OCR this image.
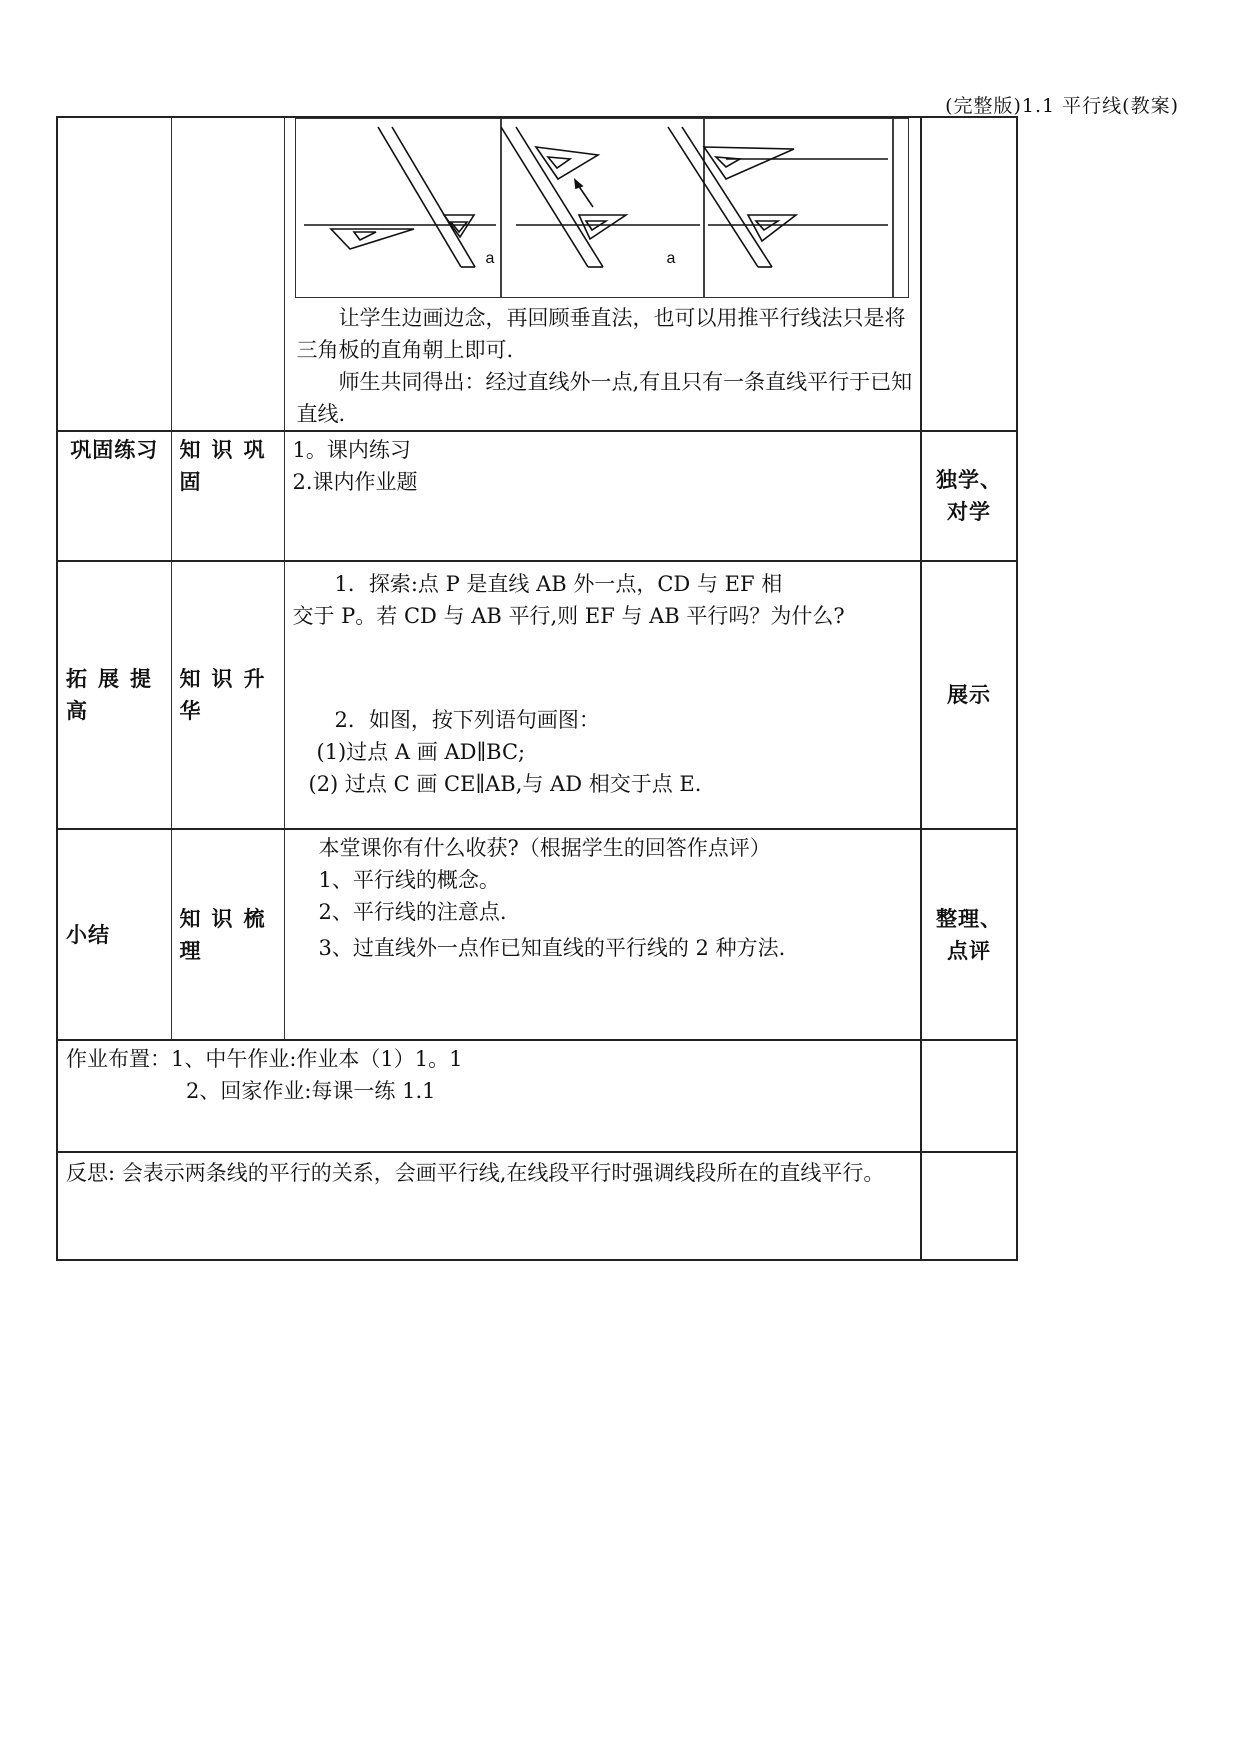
(完整版)1.1 平行线(教案)

		a a
让学生边画边念，再回顾垂直法，也可以用推平行线法只是将三角板的直角朝上即可.
师生共同得出：经过直线外一点,有且只有一条直线平行于已知直线.	

巩固练习	知识巩固	1。课内练习
2.课内作业题	独学、对学
拓展提高	知识升华	1．探索:点 P 是直线 AB 外一点，CD 与 EF 相
交于 P。若 CD 与 AB 平行,则 EF 与 AB 平行吗？为什么?
2．如图，按下列语句画图：
(1)过点 A 画 AD∥BC;
(2) 过点 C 画 CE∥AB,与 AD 相交于点 E.	展示
小结	知识梳理	本堂课你有什么收获?（根据学生的回答作点评）
1、平行线的概念。
2、平行线的注意点.
3、过直线外一点作已知直线的平行线的 2 种方法.	整理、点评

作业布置：1、中午作业:作业本（1）1。1
2、回家作业:每课一练 1.1			

反思: 会表示两条线的平行的关系，会画平行线,在线段平行时强调线段所在的直线平行。			
